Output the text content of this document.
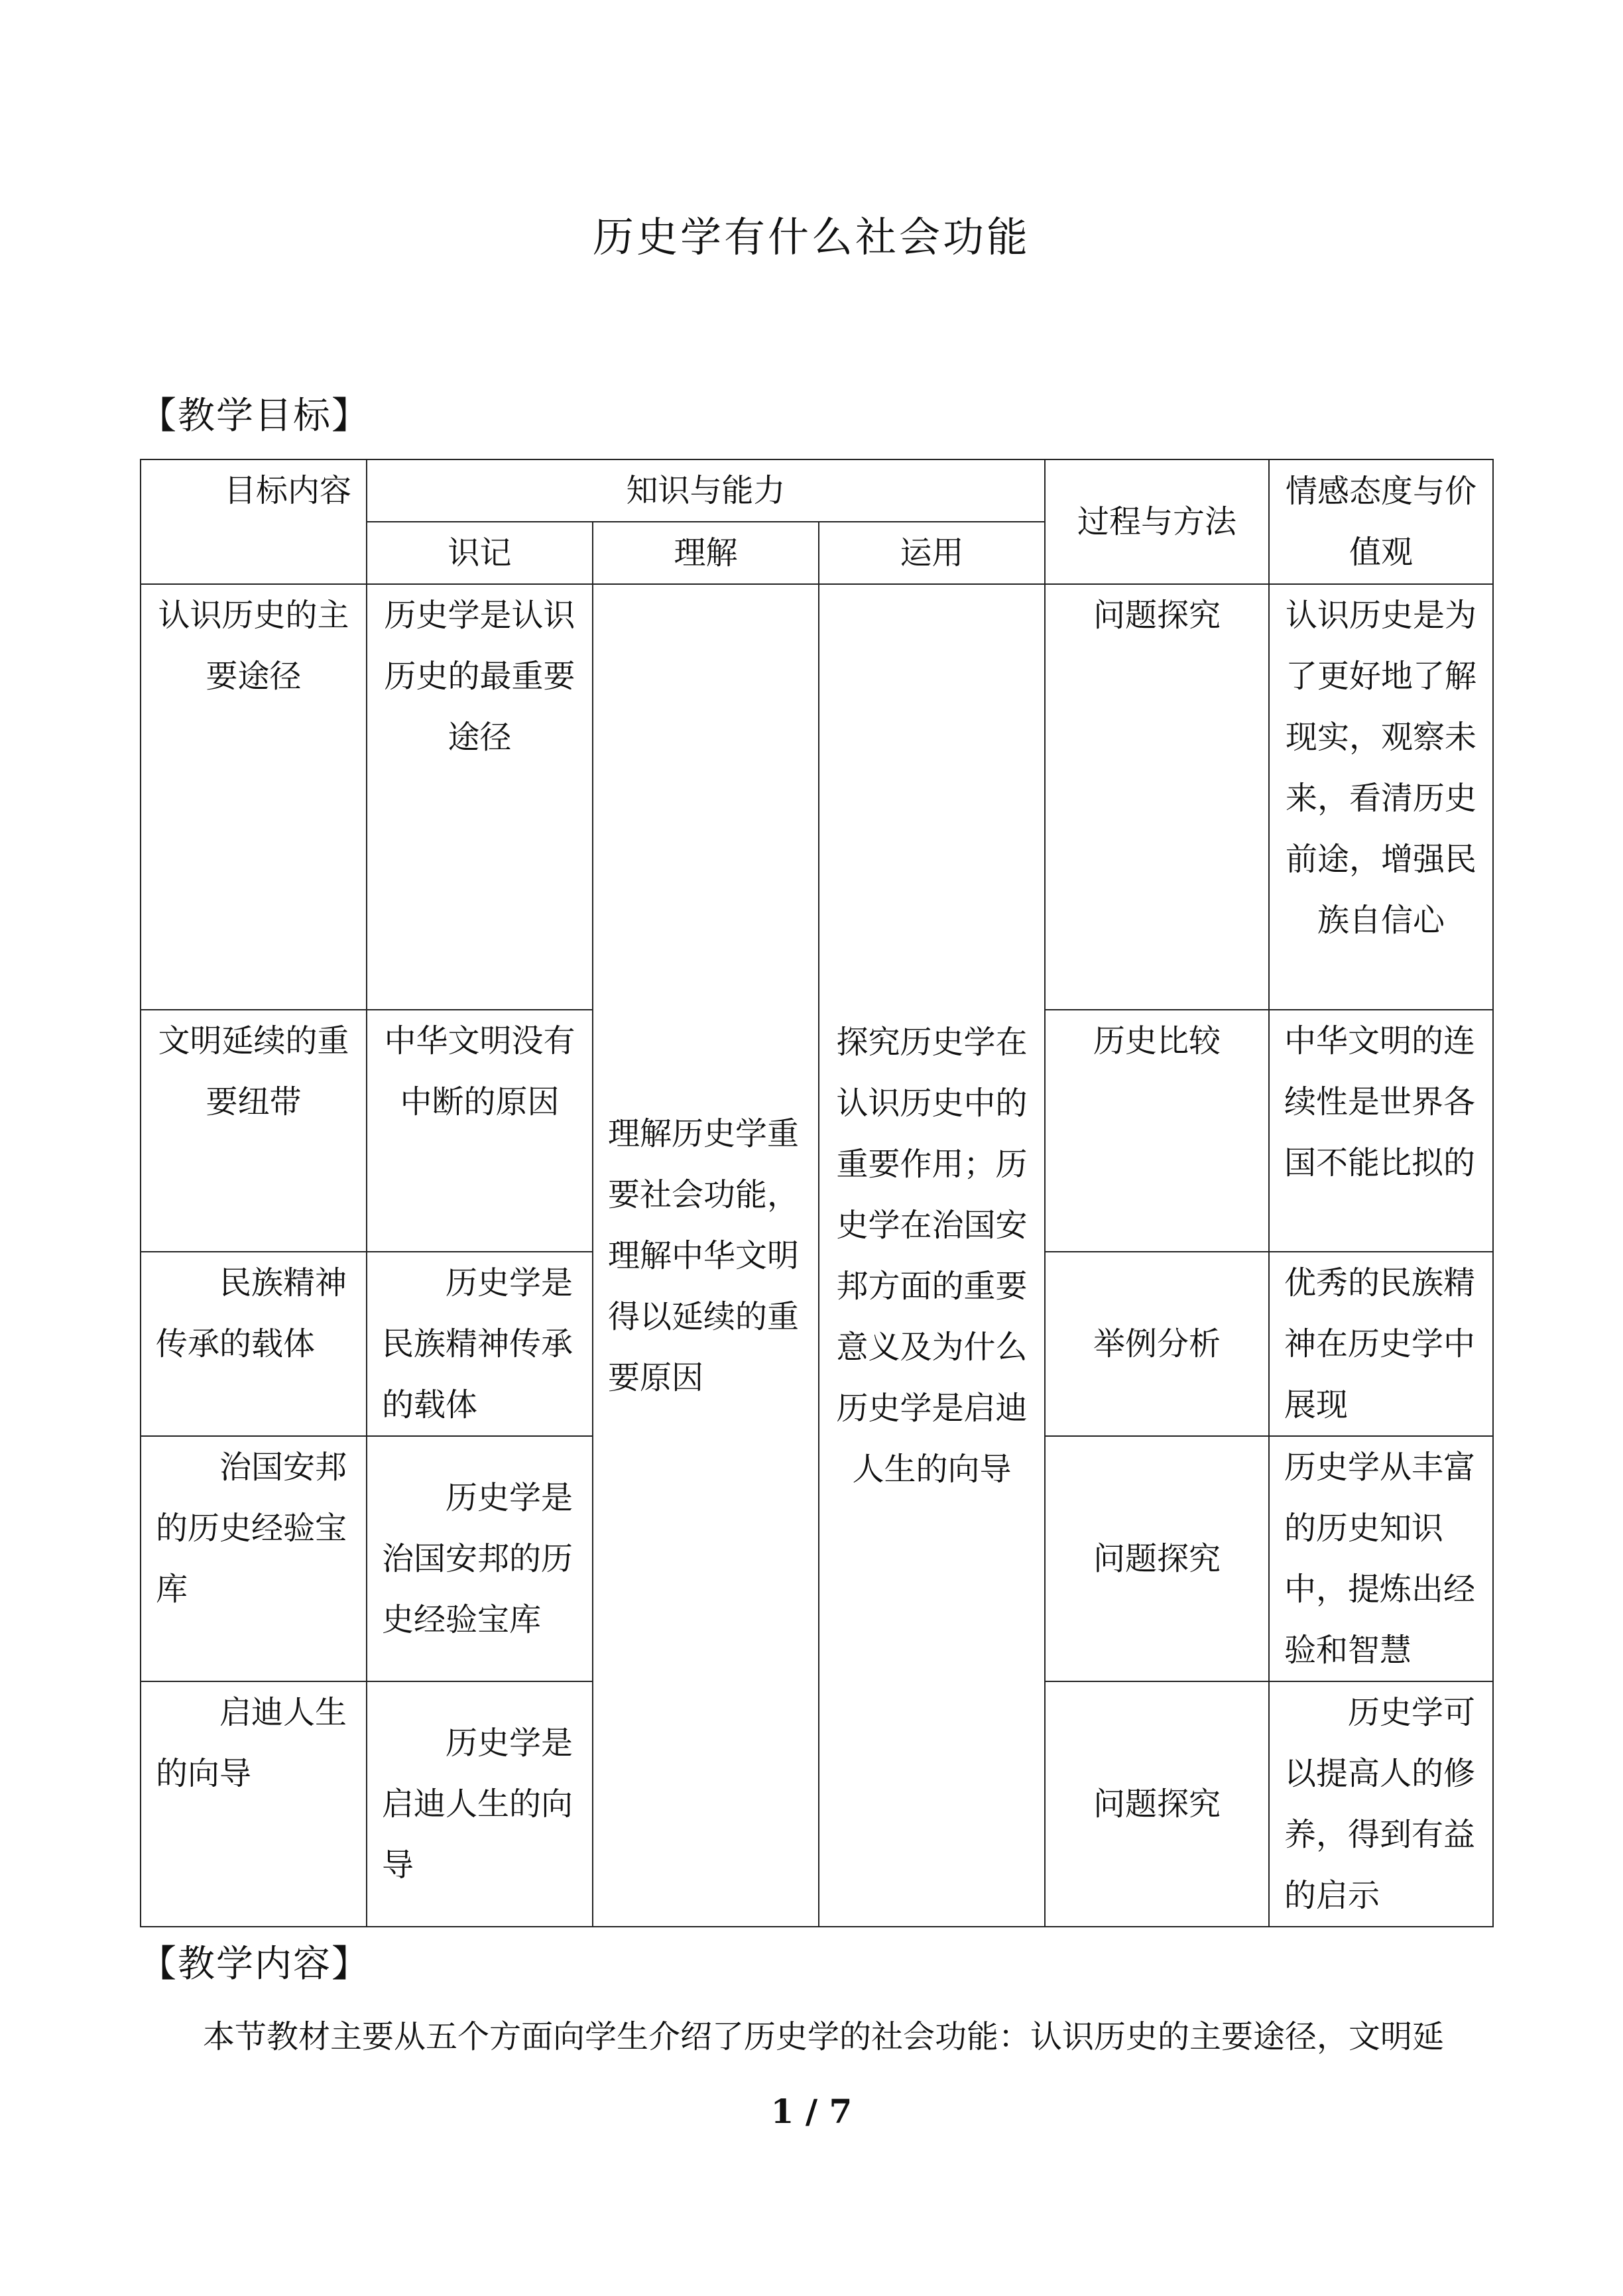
历史学有什么社会功能
【教学目标】
目标内容	知识与能力			过程与方法	情感态度与价值观
	识记	理解	运用		
认识历史的主要途径	历史学是认识历史的最重要途径	理解历史学重要社会功能，理解中华文明得以延续的重要原因	探究历史学在认识历史中的重要作用；历史学在治国安邦方面的重要意义及为什么历史学是启迪人生的向导	问题探究	认识历史是为了更好地了解现实，观察未来，看清历史前途，增强民族自信心
文明延续的重要纽带	中华文明没有中断的原因			历史比较	中华文明的连续性是世界各国不能比拟的
民族精神传承的载体	历史学是民族精神传承的载体			举例分析	优秀的民族精神在历史学中展现
治国安邦的历史经验宝库	历史学是治国安邦的历史经验宝库			问题探究	历史学从丰富的历史知识中，提炼出经验和智慧
启迪人生的向导	历史学是启迪人生的向导			问题探究	历史学可以提高人的修养，得到有益的启示
【教学内容】
本节教材主要从五个方面向学生介绍了历史学的社会功能：认识历史的主要途径，文明延
1 / 7
